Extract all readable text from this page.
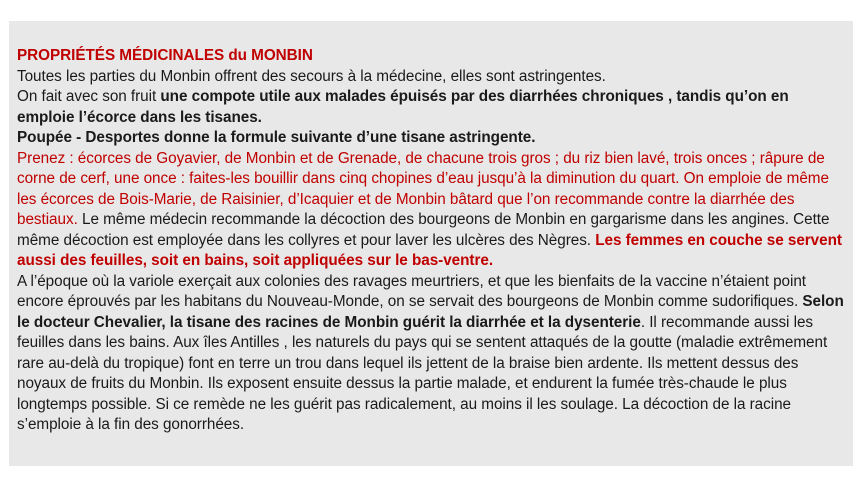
PROPRIÉTÉS MÉDICINALES du MONBIN

Toutes les parties du Monbin offrent des secours à la médecine, elles sont astringentes.

On fait avec son fruit une compote utile aux malades épuisés par des diarrhées chroniques , tandis qu’on en emploie l’écorce dans les tisanes.

Poupée - Desportes donne la formule suivante d’une tisane astringente.

Prenez : écorces de Goyavier, de Monbin et de Grenade, de chacune trois gros ; du riz bien lavé, trois onces ; râpure de corne de cerf, une once : faites-les bouillir dans cinq chopines d’eau jusqu’à la diminution du quart. On emploie de même les écorces de Bois-Marie, de Raisinier, d’Icaquier et de Monbin bâtard que l’on recommande contre la diarrhée des bestiaux. Le même médecin recommande la décoction des bourgeons de Monbin en gargarisme dans les angines. Cette même décoction est employée dans les collyres et pour laver les ulcères des Nègres. Les femmes en couche se servent aussi des feuilles, soit en bains, soit appliquées sur le bas-ventre.

A l’époque où la variole exerçait aux colonies des ravages meurtriers, et que les bienfaits de la vaccine n’étaient point encore éprouvés par les habitans du Nouveau-Monde, on se servait des bourgeons de Monbin comme sudorifiques. Selon le docteur Chevalier, la tisane des racines de Monbin guérit la diarrhée et la dysenterie. Il recommande aussi les feuilles dans les bains. Aux îles Antilles , les naturels du pays qui se sentent attaqués de la goutte (maladie extrêmement rare au-delà du tropique) font en terre un trou dans lequel ils jettent de la braise bien ardente. Ils mettent dessus des noyaux de fruits du Monbin. Ils exposent ensuite dessus la partie malade, et endurent la fumée très-chaude le plus longtemps possible. Si ce remède ne les guérit pas radicalement, au moins il les soulage. La décoction de la racine s’emploie à la fin des gonorrhées.
